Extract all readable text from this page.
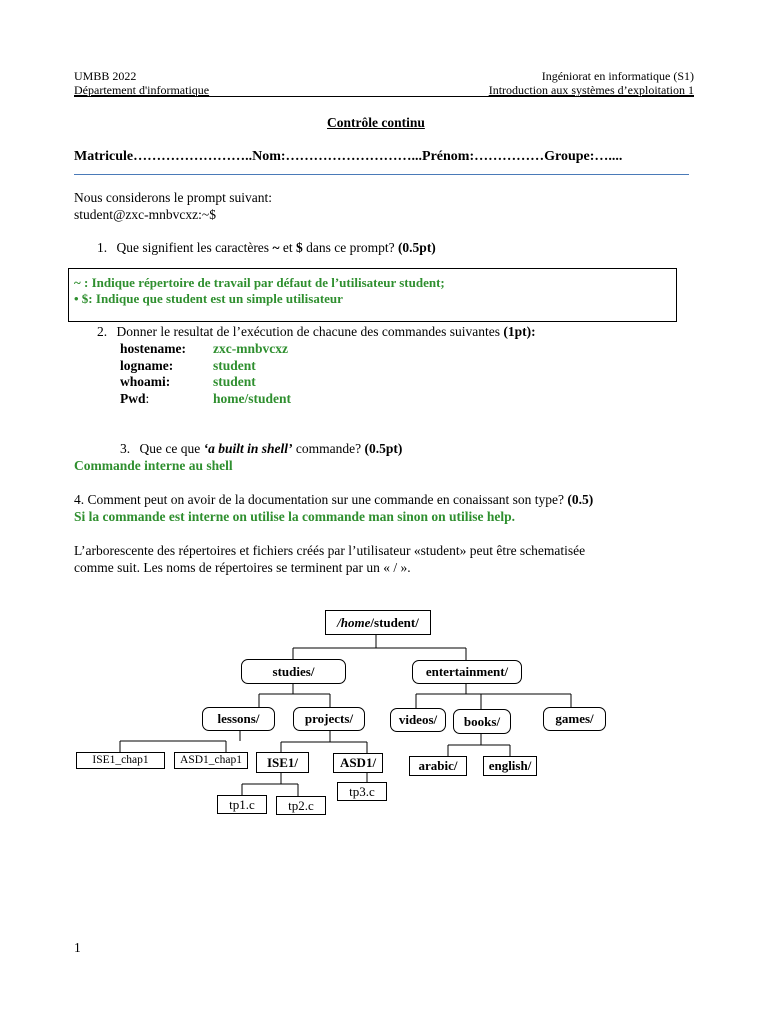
UMBB 2022
Département d'informatique
Ingéniorat en informatique (S1)
Introduction aux systèmes d’exploitation 1
Contrôle continu
Matricule……………………..Nom:………………………...Prénom:……………Groupe:…....
Nous considerons le prompt suivant:
student@zxc-mnbvcxz:~$
1. Que signifient les caractères ~ et $ dans ce prompt? (0.5pt)
~ : Indique répertoire de travail par défaut de l’utilisateur student;
• $: Indique que student est un simple utilisateur
2. Donner le resultat de l’exécution de chacune des commandes suivantes (1pt):
hostename: zxc-mnbvcxz
logname:	student
whoami:	student
Pwd:	home/student
3. Que ce que ‘a built in shell’ commande? (0.5pt)
Commande interne au shell
4. Comment peut on avoir de la documentation sur une commande en conaissant son type? (0.5)
Si la commande est interne on utilise la commande man sinon on utilise help.
L’arborescente des répertoires et fichiers créés par l’utilisateur «student» peut être schematisée
comme suit. Les noms de répertoires se terminent par un « / ».
/home/student/
studies/	entertainment/
lessons/	projects/	videos/	books/	games/
ISE1_chap1	ASD1_chap1	ISE1/	ASD1/	arabic/	english/
tp1.c	tp2.c
tp3.c
1
